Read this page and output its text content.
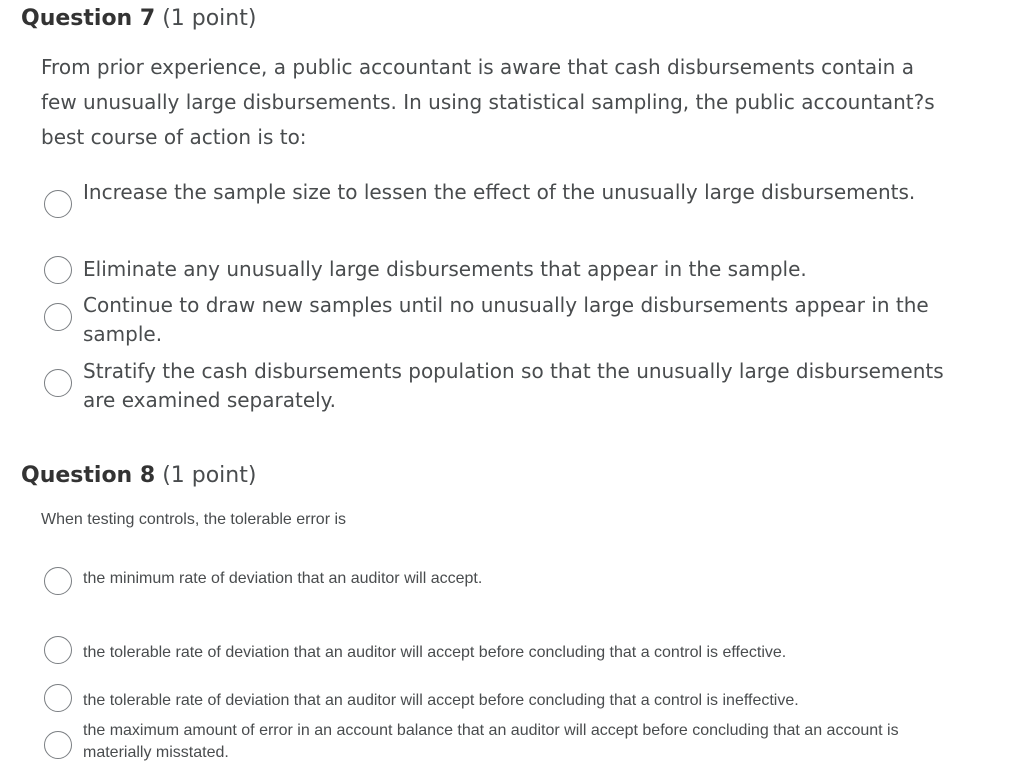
Question 7 (1 point)

From prior experience, a public accountant is aware that cash disbursements contain a few unusually large disbursements. In using statistical sampling, the public accountant?s best course of action is to:

Increase the sample size to lessen the effect of the unusually large disbursements.
Eliminate any unusually large disbursements that appear in the sample.
Continue to draw new samples until no unusually large disbursements appear in the sample.
Stratify the cash disbursements population so that the unusually large disbursements are examined separately.
Question 8 (1 point)

When testing controls, the tolerable error is

the minimum rate of deviation that an auditor will accept.
the tolerable rate of deviation that an auditor will accept before concluding that a control is effective.
the tolerable rate of deviation that an auditor will accept before concluding that a control is ineffective.
the maximum amount of error in an account balance that an auditor will accept before concluding that an account is materially misstated.
